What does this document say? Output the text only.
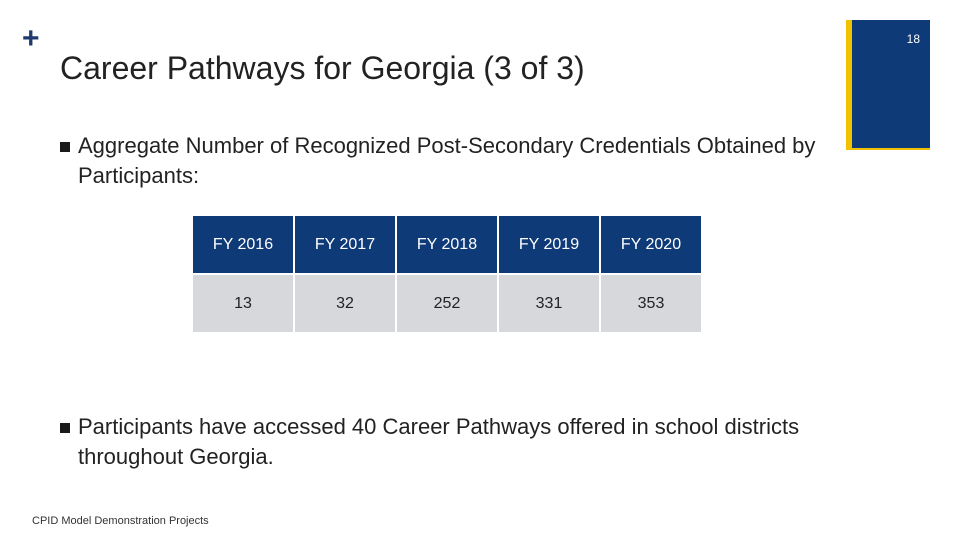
+
Career Pathways for Georgia (3 of 3)
18
Aggregate Number of Recognized Post-Secondary Credentials Obtained by Participants:
FY 2016	FY 2017	FY 2018	FY 2019	FY 2020
13	32	252	331	353
Participants have accessed 40 Career Pathways offered in school districts throughout Georgia.
CPID Model Demonstration Projects
